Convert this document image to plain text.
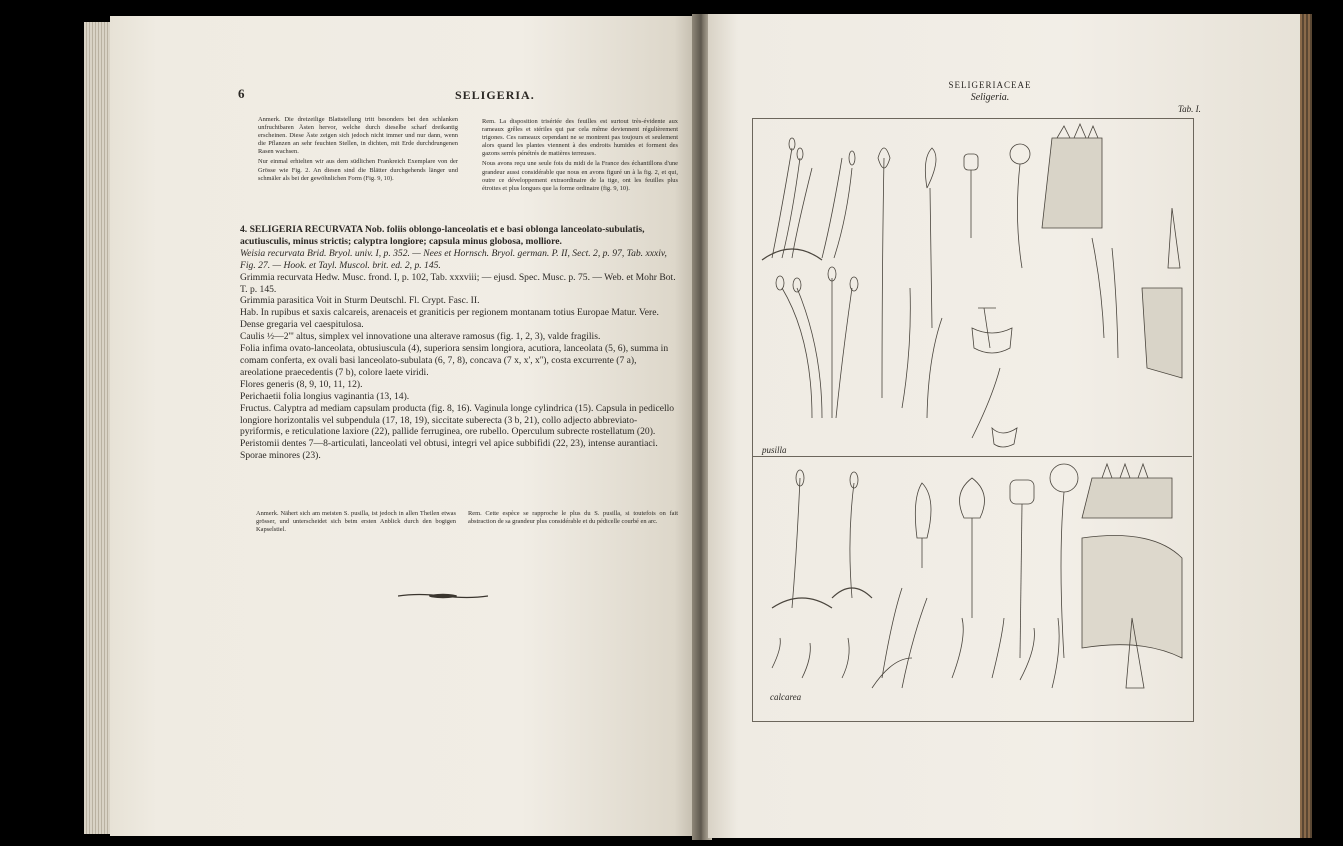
6	SELIGERIA.

Anmerk. Die dreizeilige Blattstellung tritt besonders bei den schlanken unfruchtbaren Ästen hervor, welche durch dieselbe scharf dreikantig erscheinen. Diese Äste zeigen sich jedoch nicht immer und nur dann, wenn die Pflanzen an sehr feuchten Stellen, in dichten, mit Erde durchdrungenen Rasen wachsen.

Nur einmal erhielten wir aus dem südlichen Frankreich Exemplare von der Grösse wie Fig. 2. An diesen sind die Blätter durchgehends länger und schmäler als bei der gewöhnlichen Form (Fig. 9, 10).

Rem. La disposition trisériée des feuilles est surtout très-évidente aux rameaux grêles et stériles qui par cela même deviennent régulièrement trigones. Ces rameaux cependant ne se montrent pas toujours et seulement alors quand les plantes viennent à des endroits humides et forment des gazons serrés pénétrés de matières terreuses.

Nous avons reçu une seule fois du midi de la France des échantillons d'une grandeur aussi considérable que nous en avons figuré un à la fig. 2, et qui, outre ce développement extraordinaire de la tige, ont les feuilles plus étroites et plus longues que la forme ordinaire (fig. 9, 10).

4. SELIGERIA RECURVATA Nob. foliis oblongo-lanceolatis et e basi oblonga lanceolato-subulatis, acutiusculis, minus strictis; calyptra longiore; capsula minus globosa, molliore.

Weisia recurvata Brid. Bryol. univ. I, p. 352. — Nees et Hornsch. Bryol. german. P. II, Sect. 2, p. 97, Tab. xxxiv, Fig. 27. — Hook. et Tayl. Muscol. brit. ed. 2, p. 145.

Grimmia recurvata Hedw. Musc. frond. I, p. 102, Tab. xxxviii; — ejusd. Spec. Musc. p. 75. — Web. et Mohr Bot. T. p. 145.

Grimmia parasitica Voit in Sturm Deutschl. Fl. Crypt. Fasc. II.

Hab. In rupibus et saxis calcareis, arenaceis et graniticis per regionem montanam totius Europae Matur. Vere.

Dense gregaria vel caespitulosa.

Caulis ½—2''' altus, simplex vel innovatione una alterave ramosus (fig. 1, 2, 3), valde fragilis.

Folia infima ovato-lanceolata, obtusiuscula (4), superiora sensim longiora, acutiora, lanceolata (5, 6), summa in comam conferta, ex ovali basi lanceolato-subulata (6, 7, 8), concava (7 x, x', x''), costa excurrente (7 a), areolatione praecedentis (7 b), colore laete viridi.

Flores generis (8, 9, 10, 11, 12).

Perichaetii folia longius vaginantia (13, 14).

Fructus. Calyptra ad mediam capsulam producta (fig. 8, 16). Vaginula longe cylindrica (15). Capsula in pedicello longiore horizontalis vel subpendula (17, 18, 19), siccitate suberecta (3 b, 21), collo adjecto abbreviato-pyriformis, e reticulatione laxiore (22), pallide ferruginea, ore rubello. Operculum subrecte rostellatum (20). Peristomii dentes 7—8-articulati, lanceolati vel obtusi, integri vel apice subbifidi (22, 23), intense aurantiaci. Sporae minores (23).

Anmerk. Nähert sich am meisten S. pusilla, ist jedoch in allen Theilen etwas grösser, und unterscheidet sich beim ersten Anblick durch den bogigen Kapselstiel.
Rem. Cette espèce se rapproche le plus du S. pusilla, si toutefois on fait abstraction de sa grandeur plus considérable et du pédicelle courbé en arc.
SELIGERIACEAE
Seligeria.
Tab. I.
pusilla
calcarea
